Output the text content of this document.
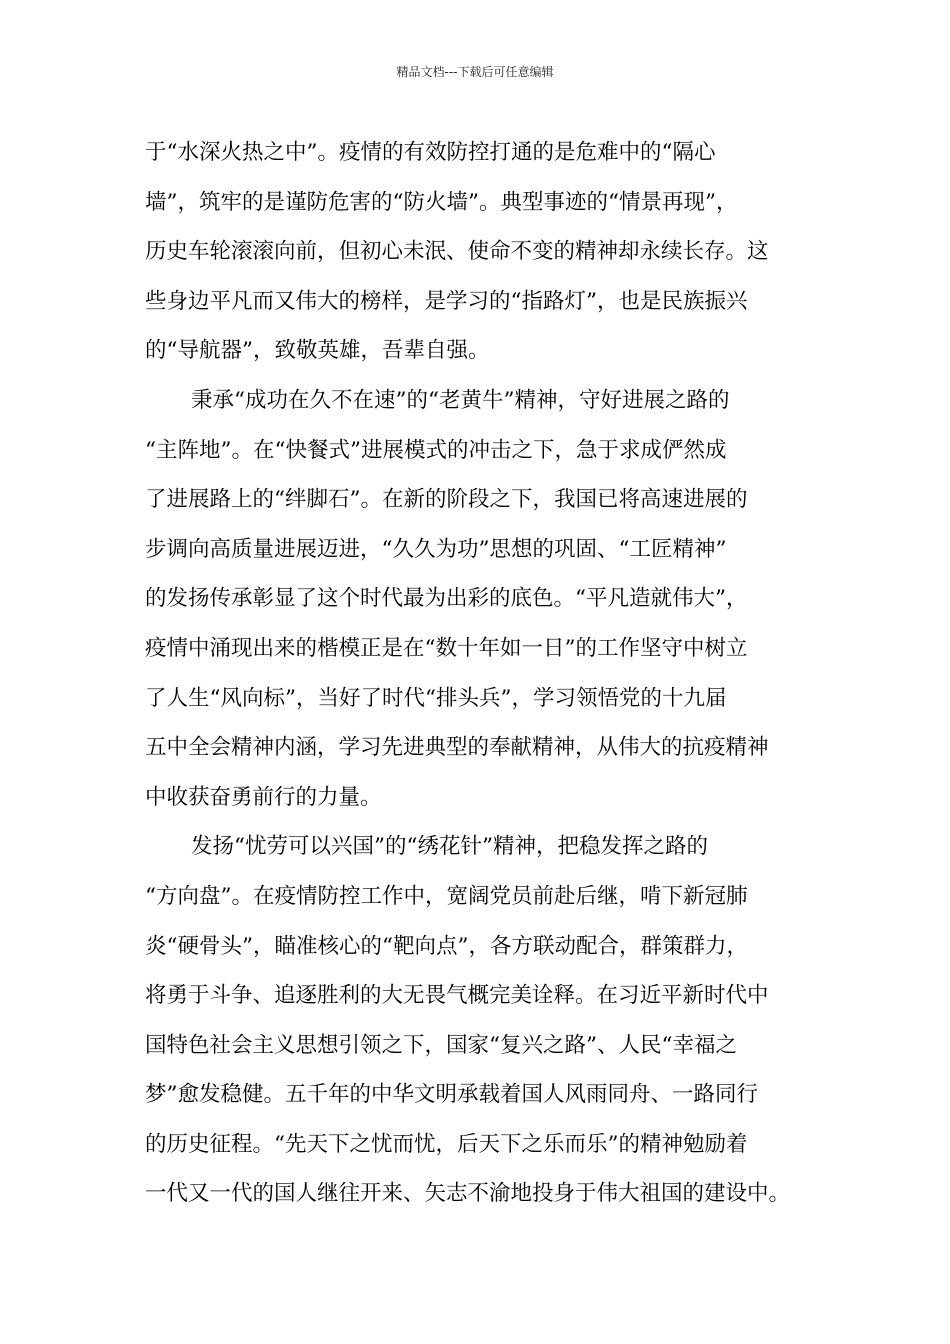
精品文档---下载后可任意编辑
于“水深火热之中”。疫情的有效防控打通的是危难中的“隔心
墙”，筑牢的是谨防危害的“防火墙”。典型事迹的“情景再现”，
历史车轮滚滚向前，但初心未泯、使命不变的精神却永续长存。这
些身边平凡而又伟大的榜样，是学习的“指路灯”，也是民族振兴
的“导航器”，致敬英雄，吾辈自强。
秉承“成功在久不在速”的“老黄牛”精神，守好进展之路的
“主阵地”。在“快餐式”进展模式的冲击之下，急于求成俨然成
了进展路上的“绊脚石”。在新的阶段之下，我国已将高速进展的
步调向高质量进展迈进，“久久为功”思想的巩固、“工匠精神”
的发扬传承彰显了这个时代最为出彩的底色。“平凡造就伟大”，
疫情中涌现出来的楷模正是在“数十年如一日”的工作坚守中树立
了人生“风向标”，当好了时代“排头兵”，学习领悟党的十九届
五中全会精神内涵，学习先进典型的奉献精神，从伟大的抗疫精神
中收获奋勇前行的力量。
发扬“忧劳可以兴国”的“绣花针”精神，把稳发挥之路的
“方向盘”。在疫情防控工作中，宽阔党员前赴后继，啃下新冠肺
炎“硬骨头”，瞄准核心的“靶向点”，各方联动配合，群策群力，
将勇于斗争、追逐胜利的大无畏气概完美诠释。在习近平新时代中
国特色社会主义思想引领之下，国家“复兴之路”、人民“幸福之
梦”愈发稳健。五千年的中华文明承载着国人风雨同舟、一路同行
的历史征程。“先天下之忧而忧，后天下之乐而乐”的精神勉励着
一代又一代的国人继往开来、矢志不渝地投身于伟大祖国的建设中。
